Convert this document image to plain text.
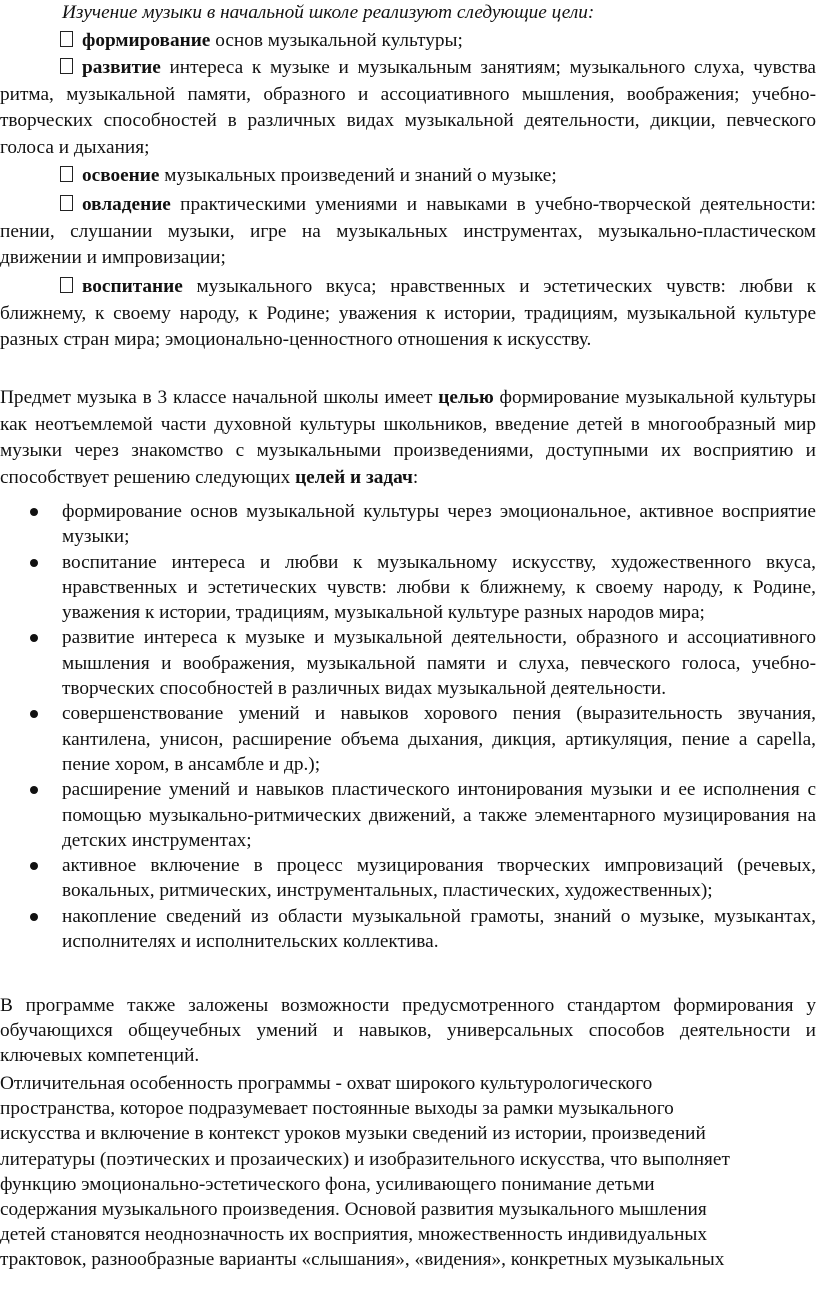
Изучение музыки в начальной школе реализуют следующие цели:

формирование основ музыкальной культуры;

развитие интереса к музыке и музыкальным занятиям; музыкального слуха, чувства ритма, музыкальной памяти, образного и ассоциативного мышления, воображения; учебно-творческих способностей в различных видах музыкальной деятельности, дикции, певческого голоса и дыхания;

освоение музыкальных произведений и знаний о музыке;

овладение практическими умениями и навыками в учебно-творческой деятельности: пении, слушании музыки, игре на музыкальных инструментах, музыкально-пластическом движении и импровизации;

воспитание музыкального вкуса; нравственных и эстетических чувств: любви к ближнему, к своему народу, к Родине; уважения к истории, традициям, музыкальной культуре разных стран мира; эмоционально-ценностного отношения к искусству.

Предмет музыка в 3 классе начальной школы имеет целью формирование музыкальной культуры как неотъемлемой части духовной культуры школьников, введение детей в многообразный мир музыки через знакомство с музыкальными произведениями, доступными их восприятию и способствует решению следующих целей и задач:

формирование основ музыкальной культуры через эмоциональное, активное восприятие музыки;
воспитание интереса и любви к музыкальному искусству, художественного вкуса, нравственных и эстетических чувств: любви к ближнему, к своему народу, к Родине, уважения к истории, традициям, музыкальной культуре разных народов мира;
развитие интереса к музыке и музыкальной деятельности, образного и ассоциативного мышления и воображения, музыкальной памяти и слуха, певческого голоса, учебно-творческих способностей в различных видах музыкальной деятельности.
совершенствование умений и навыков хорового пения (выразительность звучания, кантилена, унисон, расширение объема дыхания, дикция, артикуляция, пение а capella, пение хором, в ансамбле и др.);
расширение умений и навыков пластического интонирования музыки и ее исполнения с помощью музыкально-ритмических движений, а также элементарного музицирования на детских инструментах;
активное включение в процесс музицирования творческих импровизаций (речевых, вокальных, ритмических, инструментальных, пластических, художественных);
накопление сведений из области музыкальной грамоты, знаний о музыке, музыкантах, исполнителях и исполнительских коллектива.

В программе также заложены возможности предусмотренного стандартом формирования у обучающихся общеучебных умений и навыков, универсальных способов деятельности и ключевых компетенций.

Отличительная особенность программы - охват широкого культурологического
пространства, которое подразумевает постоянные выходы за рамки музыкального
искусства и включение в контекст уроков музыки сведений из истории, произведений
литературы (поэтических и прозаических) и изобразительного искусства, что выполняет
функцию эмоционально-эстетического фона, усиливающего понимание детьми
содержания музыкального произведения. Основой развития музыкального мышления
детей становятся неоднозначность их восприятия, множественность индивидуальных
трактовок, разнообразные варианты «слышания», «видения», конкретных музыкальных
